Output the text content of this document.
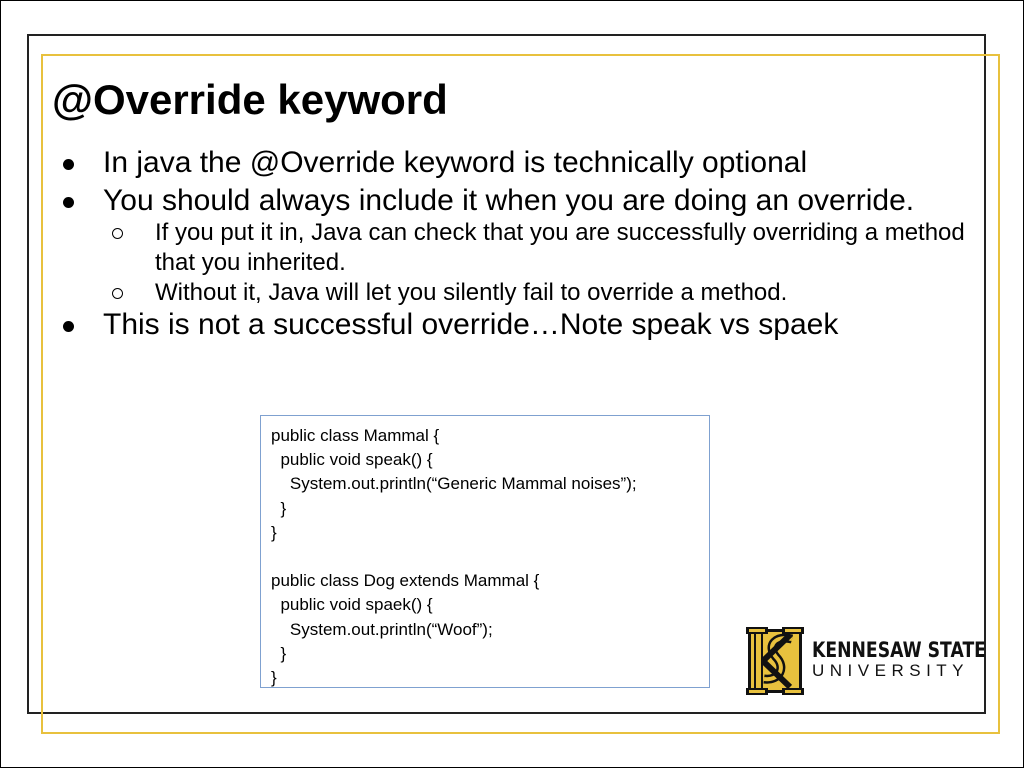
@Override keyword
In java the @Override keyword is technically optional
You should always include it when you are doing an override.
If you put it in, Java can check that you are successfully overriding a method that you inherited.
Without it, Java will let you silently fail to override a method.
This is not a successful override…Note speak vs spaek
public class Mammal {
public void speak() {
System.out.println(“Generic Mammal noises”);
}
}
public class Dog extends Mammal {
public void spaek() {
System.out.println(“Woof”);
}
}
KENNESAW STATE
UNIVERSITY
